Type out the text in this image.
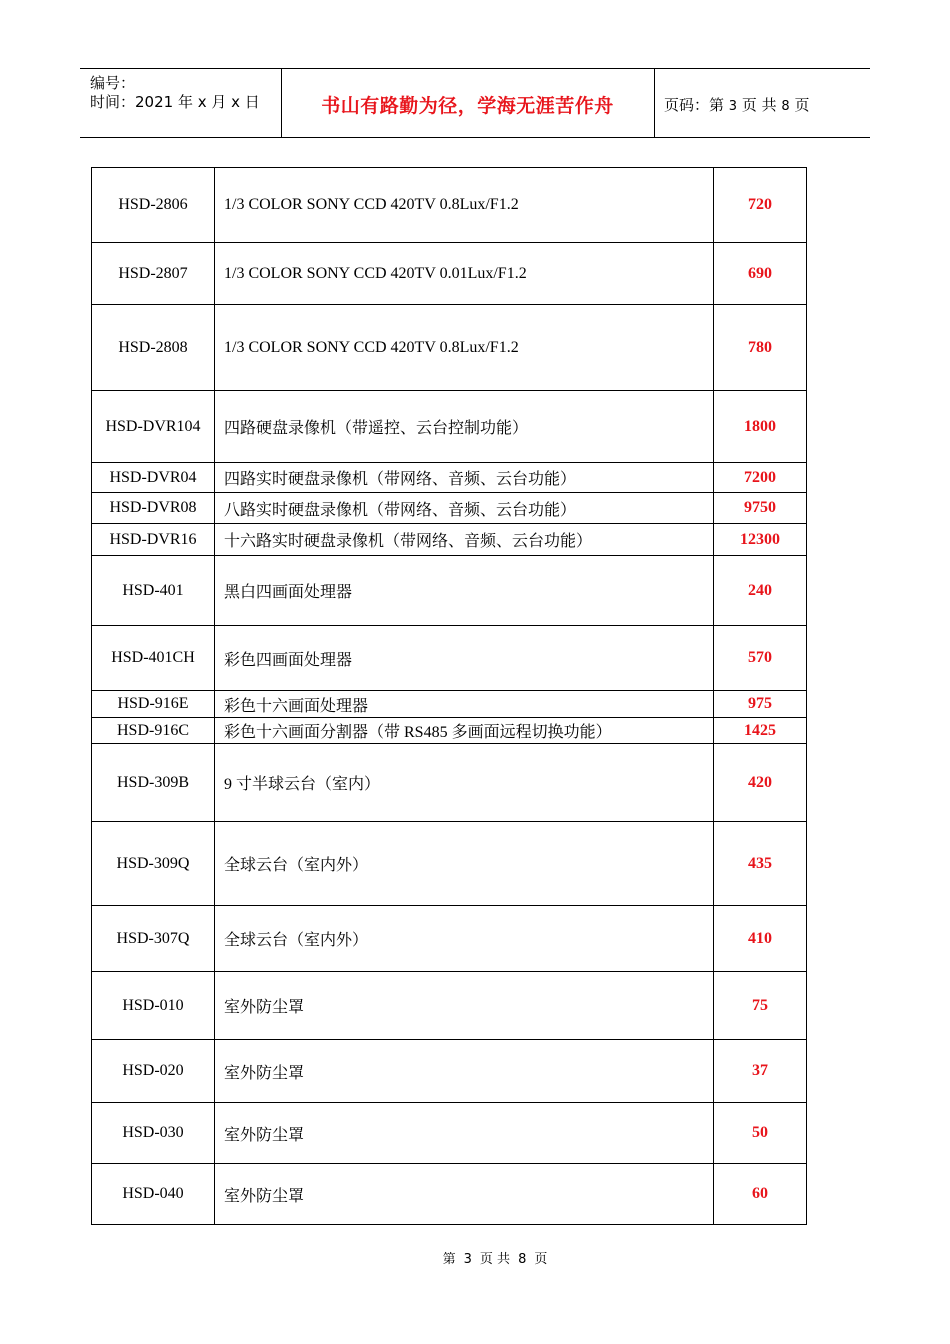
编号：
时间：2021 年 x 月 x 日	书山有路勤为径，学海无涯苦作舟	页码：第 3 页 共 8 页
HSD-2806	1/3 COLOR SONY CCD 420TV 0.8Lux/F1.2	720
HSD-2807	1/3 COLOR SONY CCD 420TV 0.01Lux/F1.2	690
HSD-2808	1/3 COLOR SONY CCD 420TV 0.8Lux/F1.2	780
HSD-DVR104	四路硬盘录像机（带遥控、云台控制功能）	1800
HSD-DVR04	四路实时硬盘录像机（带网络、音频、云台功能）	7200
HSD-DVR08	八路实时硬盘录像机（带网络、音频、云台功能）	9750
HSD-DVR16	十六路实时硬盘录像机（带网络、音频、云台功能）	12300
HSD-401	黑白四画面处理器	240
HSD-401CH	彩色四画面处理器	570
HSD-916E	彩色十六画面处理器	975
HSD-916C	彩色十六画面分割器（带 RS485 多画面远程切换功能）	1425
HSD-309B	9 寸半球云台（室内）	420
HSD-309Q	全球云台（室内外）	435
HSD-307Q	全球云台（室内外）	410
HSD-010	室外防尘罩	75
HSD-020	室外防尘罩	37
HSD-030	室外防尘罩	50
HSD-040	室外防尘罩	60
第 3 页 共 8 页
